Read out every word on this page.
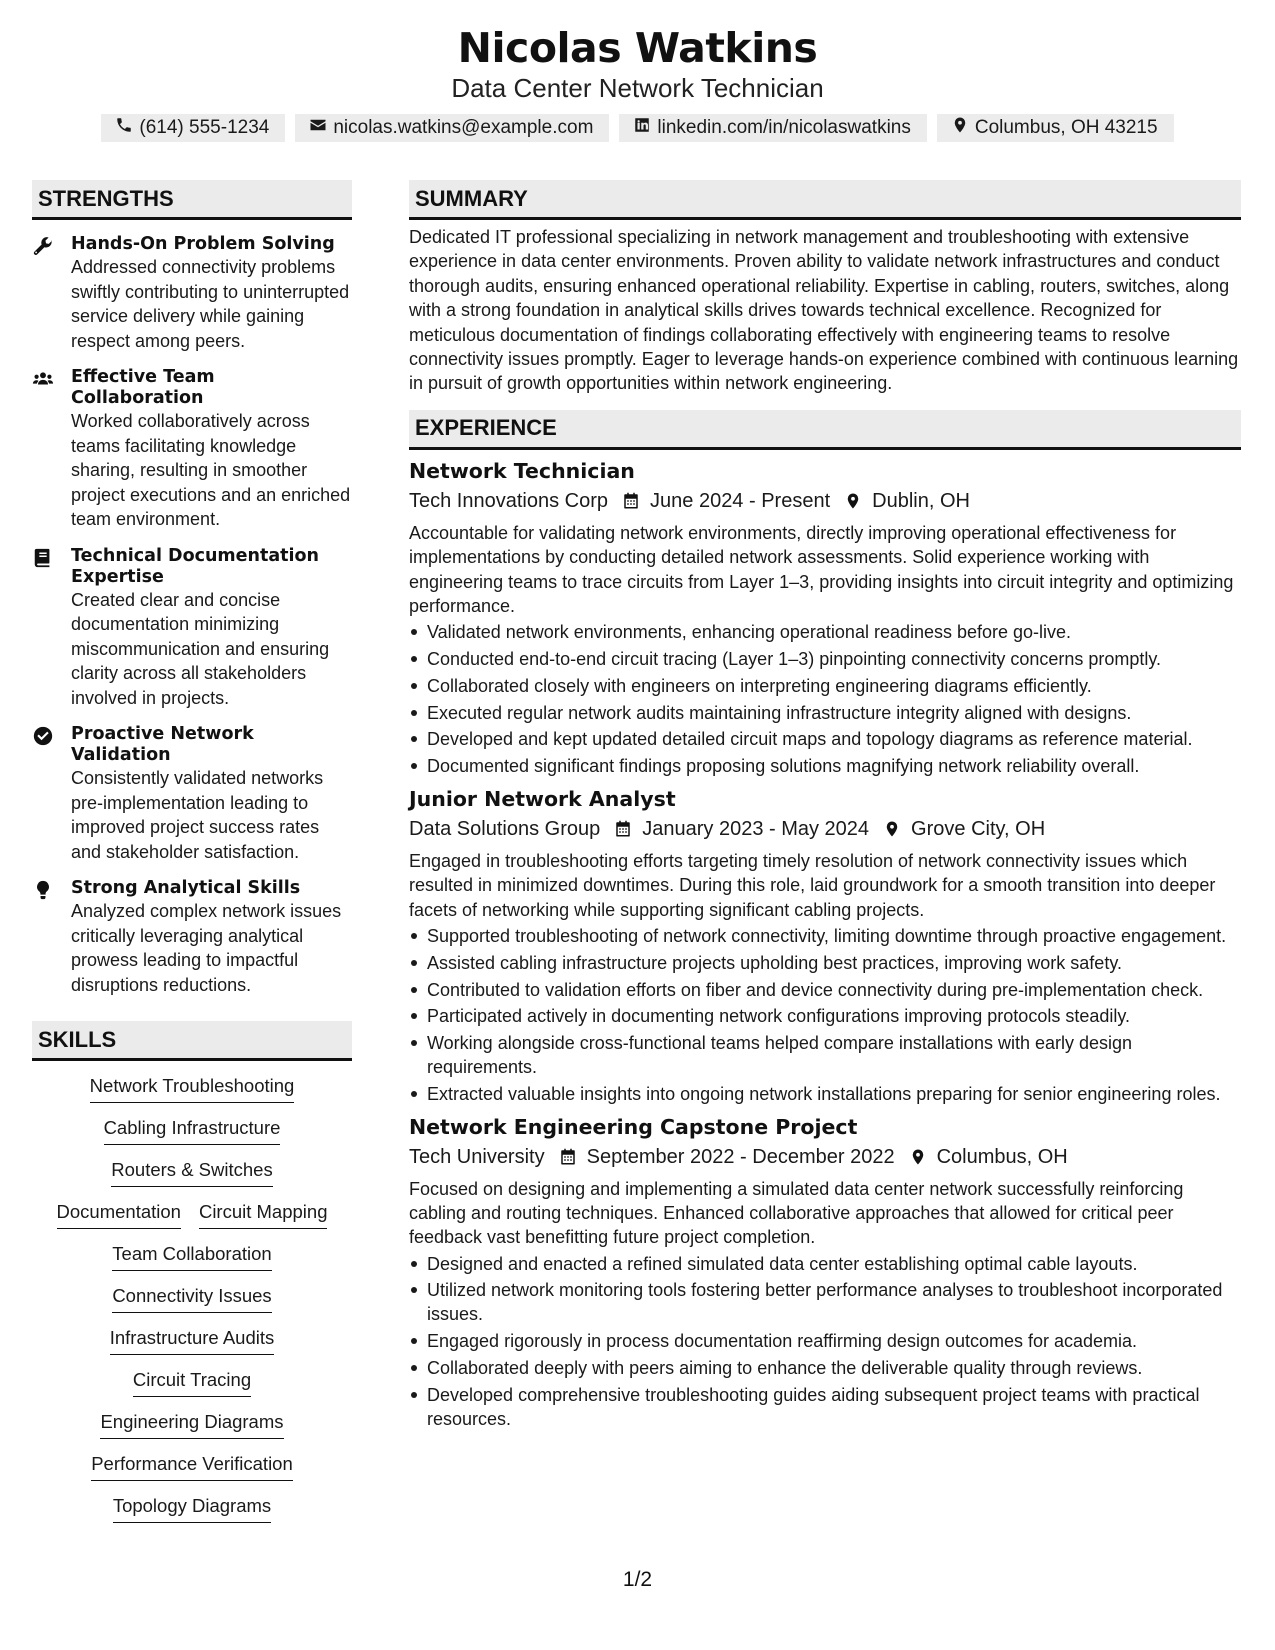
Nicolas Watkins
Data Center Network Technician
(614) 555-1234	nicolas.watkins@example.com	linkedin.com/in/nicolaswatkins	Columbus, OH 43215
STRENGTHS
Hands-On Problem Solving
Addressed connectivity problems swiftly contributing to uninterrupted service delivery while gaining respect among peers.
Effective Team Collaboration
Worked collaboratively across teams facilitating knowledge sharing, resulting in smoother project executions and an enriched team environment.
Technical Documentation Expertise
Created clear and concise documentation minimizing miscommunication and ensuring clarity across all stakeholders involved in projects.
Proactive Network Validation
Consistently validated networks pre-implementation leading to improved project success rates and stakeholder satisfaction.
Strong Analytical Skills
Analyzed complex network issues critically leveraging analytical prowess leading to impactful disruptions reductions.
SKILLS
Network Troubleshooting
Cabling Infrastructure
Routers & Switches
Documentation Circuit Mapping
Team Collaboration
Connectivity Issues
Infrastructure Audits
Circuit Tracing
Engineering Diagrams
Performance Verification
Topology Diagrams
SUMMARY
Dedicated IT professional specializing in network management and troubleshooting with extensive experience in data center environments. Proven ability to validate network infrastructures and conduct thorough audits, ensuring enhanced operational reliability. Expertise in cabling, routers, switches, along with a strong foundation in analytical skills drives towards technical excellence. Recognized for meticulous documentation of findings collaborating effectively with engineering teams to resolve connectivity issues promptly. Eager to leverage hands-on experience combined with continuous learning in pursuit of growth opportunities within network engineering.
EXPERIENCE
Network Technician
Tech Innovations Corp June 2024 - Present Dublin, OH
Accountable for validating network environments, directly improving operational effectiveness for implementations by conducting detailed network assessments. Solid experience working with engineering teams to trace circuits from Layer 1–3, providing insights into circuit integrity and optimizing performance.
Validated network environments, enhancing operational readiness before go-live.
Conducted end-to-end circuit tracing (Layer 1–3) pinpointing connectivity concerns promptly.
Collaborated closely with engineers on interpreting engineering diagrams efficiently.
Executed regular network audits maintaining infrastructure integrity aligned with designs.
Developed and kept updated detailed circuit maps and topology diagrams as reference material.
Documented significant findings proposing solutions magnifying network reliability overall.
Junior Network Analyst
Data Solutions Group January 2023 - May 2024 Grove City, OH
Engaged in troubleshooting efforts targeting timely resolution of network connectivity issues which resulted in minimized downtimes. During this role, laid groundwork for a smooth transition into deeper facets of networking while supporting significant cabling projects.
Supported troubleshooting of network connectivity, limiting downtime through proactive engagement.
Assisted cabling infrastructure projects upholding best practices, improving work safety.
Contributed to validation efforts on fiber and device connectivity during pre-implementation check.
Participated actively in documenting network configurations improving protocols steadily.
Working alongside cross-functional teams helped compare installations with early design requirements.
Extracted valuable insights into ongoing network installations preparing for senior engineering roles.
Network Engineering Capstone Project
Tech University September 2022 - December 2022 Columbus, OH
Focused on designing and implementing a simulated data center network successfully reinforcing cabling and routing techniques. Enhanced collaborative approaches that allowed for critical peer feedback vast benefitting future project completion.
Designed and enacted a refined simulated data center establishing optimal cable layouts.
Utilized network monitoring tools fostering better performance analyses to troubleshoot incorporated issues.
Engaged rigorously in process documentation reaffirming design outcomes for academia.
Collaborated deeply with peers aiming to enhance the deliverable quality through reviews.
Developed comprehensive troubleshooting guides aiding subsequent project teams with practical resources.
1/2
